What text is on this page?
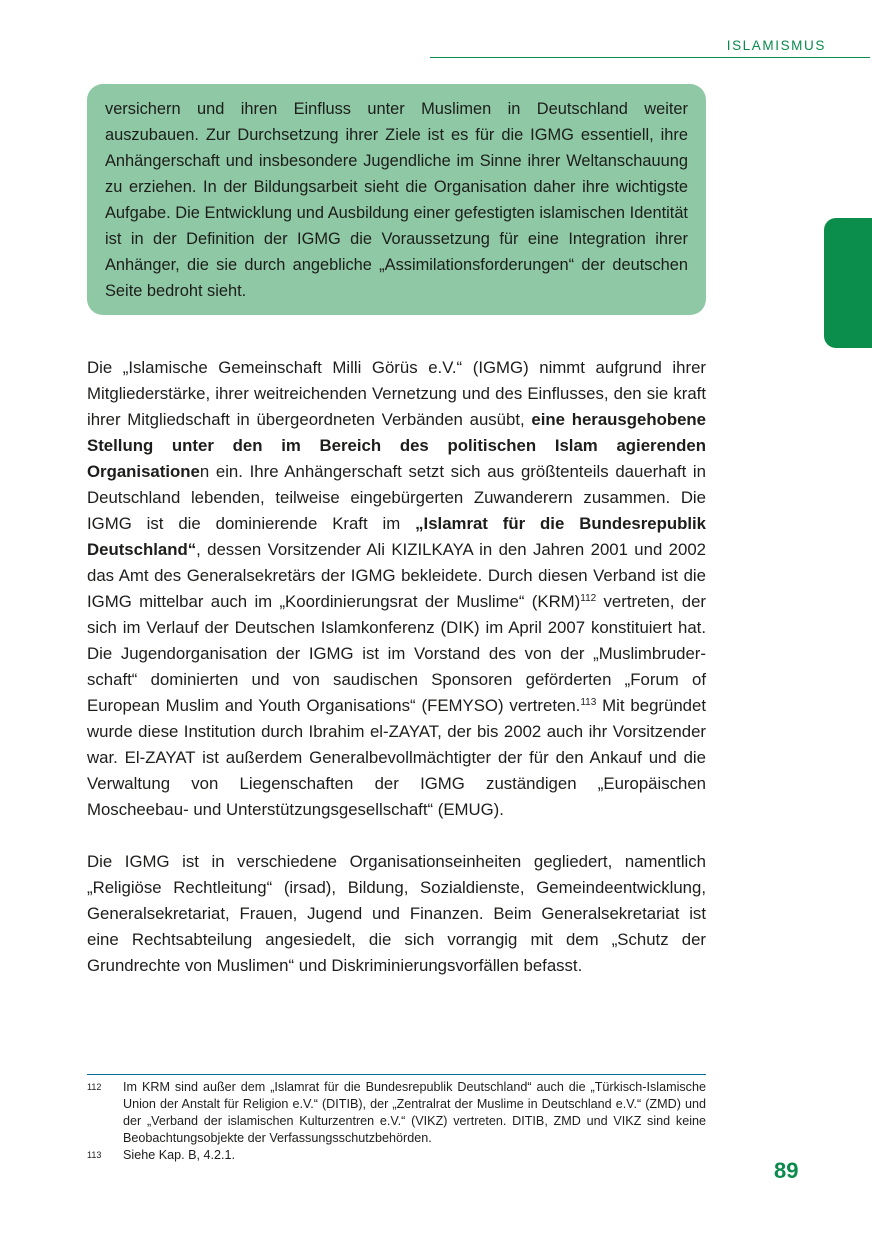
ISLAMISMUS

versichern und ihren Einfluss unter Muslimen in Deutschland weiter auszubauen. Zur Durchsetzung ihrer Ziele ist es für die IGMG essentiell, ihre Anhängerschaft und insbesondere Jugendliche im Sinne ihrer Weltanschauung zu erziehen. In der Bildungsarbeit sieht die Organisation daher ihre wichtigste Aufgabe. Die Entwicklung und Ausbildung einer gefestigten islamischen Identität ist in der Definition der IGMG die Voraussetzung für eine Integration ihrer Anhänger, die sie durch angebliche „Assimilationsforderungen“ der deutschen Seite bedroht sieht.

Die „Islamische Gemeinschaft Milli Görüs e.V.“ (IGMG) nimmt aufgrund ihrer Mitgliederstärke, ihrer weitreichenden Vernetzung und des Einflusses, den sie kraft ihrer Mitgliedschaft in übergeordneten Verbänden ausübt, eine herausgehobene Stellung unter den im Bereich des politischen Islam agierenden Organisationen ein. Ihre Anhängerschaft setzt sich aus größtenteils dauerhaft in Deutschland lebenden, teilweise eingebürgerten Zuwanderern zusammen. Die IGMG ist die dominierende Kraft im „Islamrat für die Bundesrepublik Deutschland“, dessen Vorsitzender Ali KIZILKAYA in den Jahren 2001 und 2002 das Amt des Generalsekretärs der IGMG bekleidete. Durch diesen Verband ist die IGMG mittelbar auch im „Koordinierungsrat der Muslime“ (KRM)$^{112}$ vertreten, der sich im Verlauf der Deutschen Islamkonferenz (DIK) im April 2007 konstituiert hat. Die Jugendorganisation der IGMG ist im Vorstand des von der „Muslimbruderschaft“ dominierten und von saudischen Sponsoren geförderten „Forum of European Muslim and Youth Organisations“ (FEMYSO) vertreten.$^{113}$ Mit begründet wurde diese Institution durch Ibrahim el-ZAYAT, der bis 2002 auch ihr Vorsitzender war. El-ZAYAT ist außerdem Generalbevollmächtigter der für den Ankauf und die Verwaltung von Liegenschaften der IGMG zuständigen „Europäischen Moscheebau- und Unterstützungsgesellschaft“ (EMUG).

Die IGMG ist in verschiedene Organisationseinheiten gegliedert, namentlich „Religiöse Rechtleitung“ (irsad), Bildung, Sozialdienste, Gemeindeentwicklung, Generalsekretariat, Frauen, Jugend und Finanzen. Beim Generalsekretariat ist eine Rechtsabteilung angesiedelt, die sich vorrangig mit dem „Schutz der Grundrechte von Muslimen“ und Diskriminierungsvorfällen befasst.

112 Im KRM sind außer dem „Islamrat für die Bundesrepublik Deutschland“ auch die „Türkisch-Islamische Union der Anstalt für Religion e.V.“ (DITIB), der „Zentralrat der Muslime in Deutschland e.V.“ (ZMD) und der „Verband der islamischen Kulturzentren e.V.“ (VIKZ) vertreten. DITIB, ZMD und VIKZ sind keine Beobachtungsobjekte der Verfassungsschutzbehörden.
113 Siehe Kap. B, 4.2.1.
89
